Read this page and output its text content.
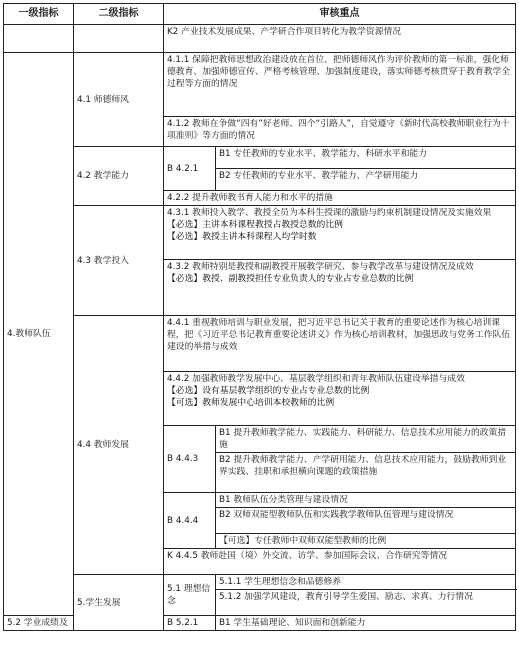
一级指标	二级指标	审核重点	
		K2 产业技术发展成果、产学研合作项目转化为教学资源情况	
4.教师队伍	4.1 师德师风	4.1.1 保障把教师思想政治建设放在首位、把师德师风作为评价教师的第一标准，强化师德教育、加强师德宣传、严格考核管理、加强制度建设，落实师德考核贯穿于教育教学全过程等方面的情况	
		4.1.2 教师在争做“四有”好老师、四个“引路人”，自觉遵守《新时代高校教师职业行为十项准则》等方面的情况	
	4.2 教学能力	B 4.2.1	B1 专任教师的专业水平、教学能力、科研水平和能力
			B2 专任教师的专业水平、教学能力、产学研用能力
		4.2.2 提升教师教书育人能力和水平的措施	
	4.3 教学投入	4.3.1 教师投入教学、教授全员为本科生授课的激励与约束机制建设情况及实施效果
【必选】主讲本科课程教授占教授总数的比例
【必选】教授主讲本科课程人均学时数	

		4.3.2 教师特别是教授和副教授开展教学研究、参与教学改革与建设情况及成效
【必选】教授、副教授担任专业负责人的专业占专业总数的比例	

	4.4 教师发展	4.4.1 重视教师培训与职业发展，把习近平总书记关于教育的重要论述作为核心培训课程，把《习近平总书记教育重要论述讲义》作为核心培训教材，加强思政与党务工作队伍建设的举措与成效	

		4.4.2 加强教师教学发展中心、基层教学组织和青年教师队伍建设举措与成效
【必选】设有基层教学组织的专业占专业总数的比例
【可选】教师发展中心培训本校教师的比例	

		B 4.4.3	B1 提升教师教学能力、实践能力、科研能力、信息技术应用能力的政策措施
			B2 提升教师教学能力、产学研用能力、信息技术应用能力，鼓励教师到业界实践、挂职和承担横向课题的政策措施
		B 4.4.4	B1 教师队伍分类管理与建设情况
			B2 双师双能型教师队伍和实践教学教师队伍管理与建设情况
			【可选】专任教师中双师双能型教师的比例
		K 4.4.5 教师赴国（境）外交流、访学、参加国际会议、合作研究等情况	
	5.学生发展	5.1 理想信念	5.1.1 学生理想信念和品德修养
			5.1.2 加强学风建设，教育引导学生爱国、励志、求真、力行情况
5.2 学业成绩及		B 5.2.1	B1 学生基础理论、知识面和创新能力
